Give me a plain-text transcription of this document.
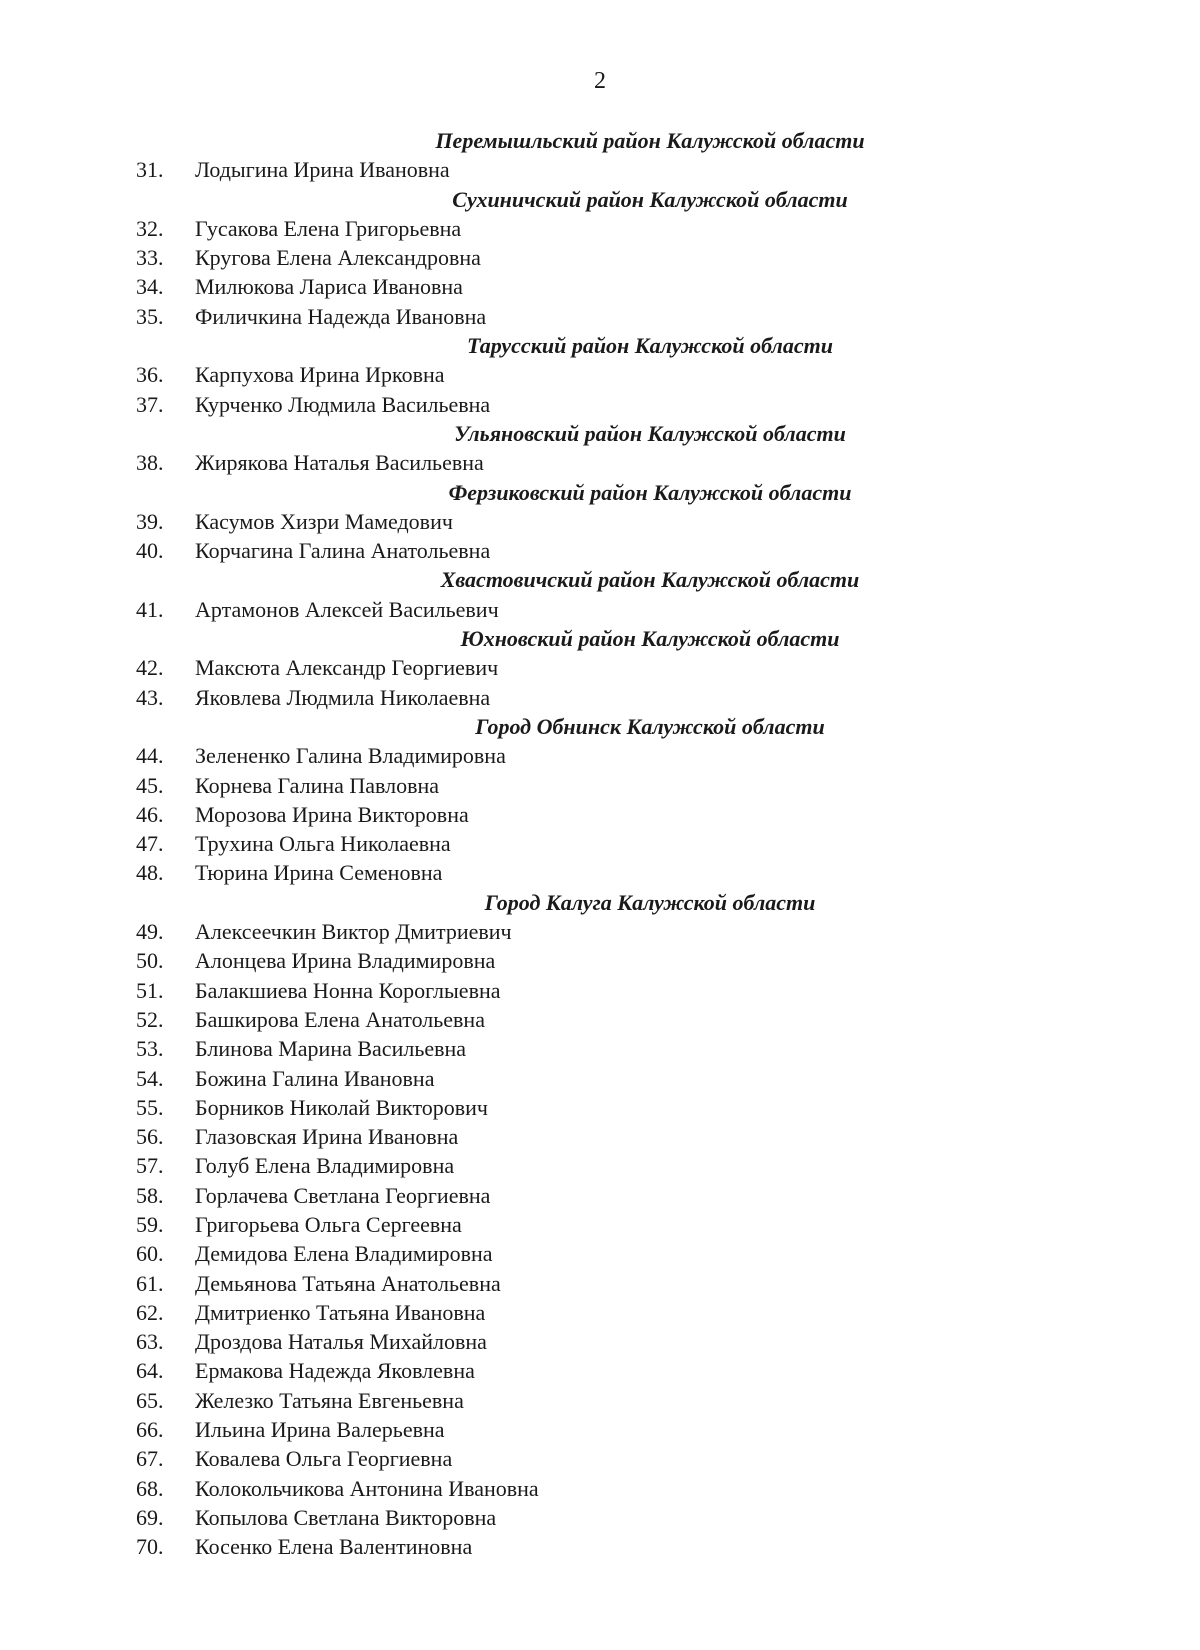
2
Перемышльский район Калужской области
31.	Лодыгина Ирина Ивановна
Сухиничский район Калужской области
32.	Гусакова Елена Григорьевна
33.	Кругова Елена Александровна
34.	Милюкова Лариса Ивановна
35.	Филичкина Надежда Ивановна
Тарусский район Калужской области
36.	Карпухова Ирина Ирковна
37.	Курченко Людмила Васильевна
Ульяновский район Калужской области
38.	Жирякова Наталья Васильевна
Ферзиковский район Калужской области
39.	Касумов Хизри Мамедович
40.	Корчагина Галина Анатольевна
Хвастовичский район Калужской области
41.	Артамонов Алексей Васильевич
Юхновский район Калужской области
42.	Максюта Александр Георгиевич
43.	Яковлева Людмила Николаевна
Город Обнинск Калужской области
44.	Зелененко Галина Владимировна
45.	Корнева Галина Павловна
46.	Морозова Ирина Викторовна
47.	Трухина Ольга Николаевна
48.	Тюрина Ирина Семеновна
Город Калуга Калужской области
49.	Алексеечкин Виктор Дмитриевич
50.	Алонцева Ирина Владимировна
51.	Балакшиева Нонна Короглыевна
52.	Башкирова Елена Анатольевна
53.	Блинова Марина Васильевна
54.	Божина Галина Ивановна
55.	Борников Николай Викторович
56.	Глазовская Ирина Ивановна
57.	Голуб Елена Владимировна
58.	Горлачева Светлана Георгиевна
59.	Григорьева Ольга Сергеевна
60.	Демидова Елена Владимировна
61.	Демьянова Татьяна Анатольевна
62.	Дмитриенко Татьяна Ивановна
63.	Дроздова Наталья Михайловна
64.	Ермакова Надежда Яковлевна
65.	Железко Татьяна Евгеньевна
66.	Ильина Ирина Валерьевна
67.	Ковалева Ольга Георгиевна
68.	Колокольчикова Антонина Ивановна
69.	Копылова Светлана Викторовна
70.	Косенко Елена Валентиновна
